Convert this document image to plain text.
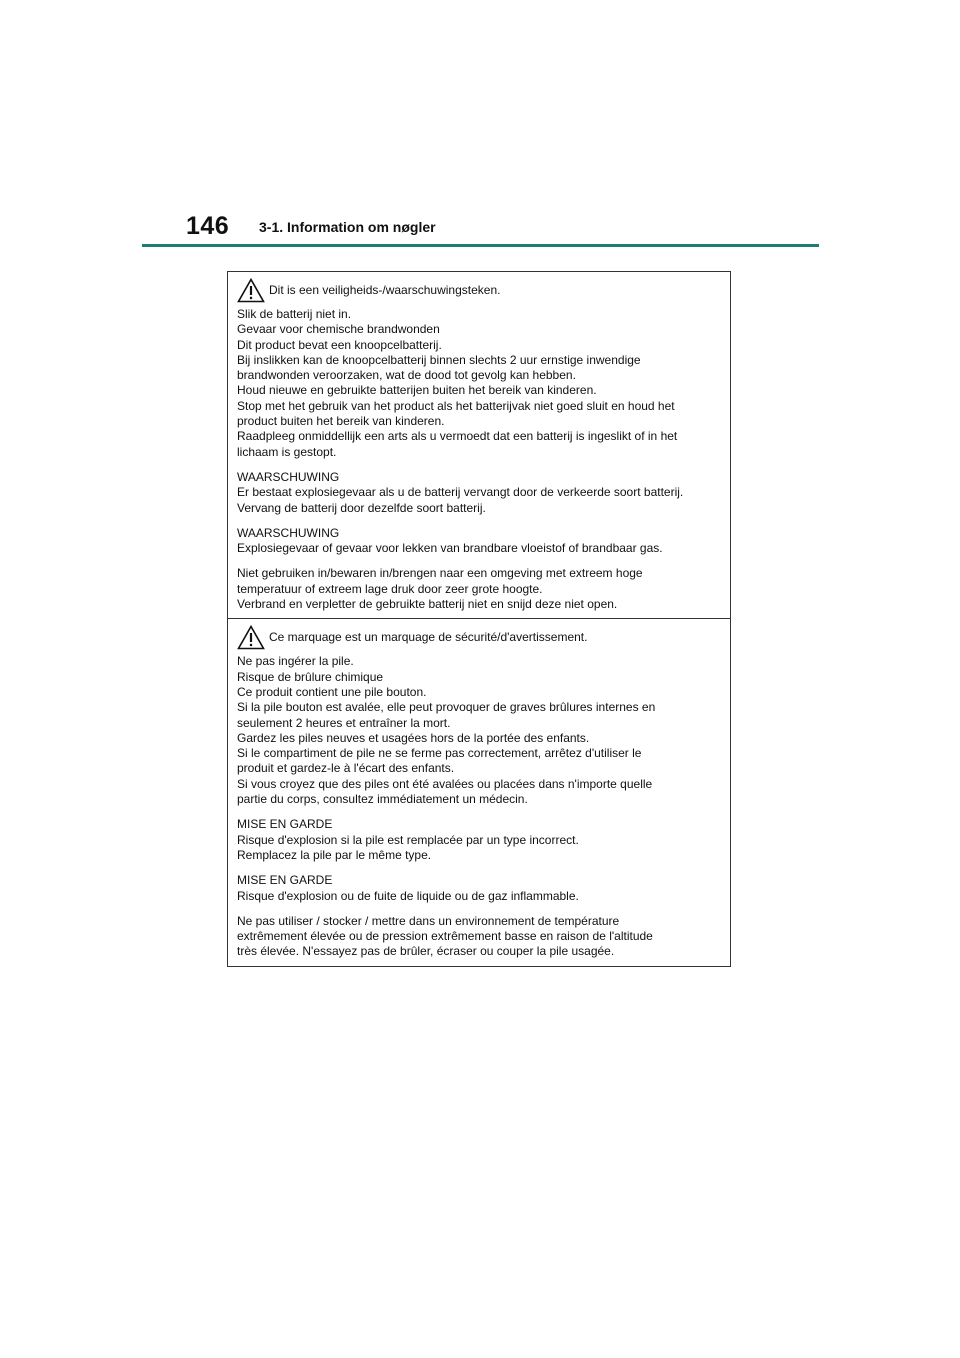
146 3-1. Information om nøgler
Dit is een veiligheids-/waarschuwingsteken.
Slik de batterij niet in.
Gevaar voor chemische brandwonden
Dit product bevat een knoopcelbatterij.
Bij inslikken kan de knoopcelbatterij binnen slechts 2 uur ernstige inwendige
brandwonden veroorzaken, wat de dood tot gevolg kan hebben.
Houd nieuwe en gebruikte batterijen buiten het bereik van kinderen.
Stop met het gebruik van het product als het batterijvak niet goed sluit en houd het
product buiten het bereik van kinderen.
Raadpleeg onmiddellijk een arts als u vermoedt dat een batterij is ingeslikt of in het
lichaam is gestopt.
WAARSCHUWING
Er bestaat explosiegevaar als u de batterij vervangt door de verkeerde soort batterij.
Vervang de batterij door dezelfde soort batterij.
WAARSCHUWING
Explosiegevaar of gevaar voor lekken van brandbare vloeistof of brandbaar gas.
Niet gebruiken in/bewaren in/brengen naar een omgeving met extreem hoge
temperatuur of extreem lage druk door zeer grote hoogte.
Verbrand en verpletter de gebruikte batterij niet en snijd deze niet open.
Ce marquage est un marquage de sécurité/d'avertissement.
Ne pas ingérer la pile.
Risque de brûlure chimique
Ce produit contient une pile bouton.
Si la pile bouton est avalée, elle peut provoquer de graves brûlures internes en
seulement 2 heures et entraîner la mort.
Gardez les piles neuves et usagées hors de la portée des enfants.
Si le compartiment de pile ne se ferme pas correctement, arrêtez d'utiliser le
produit et gardez-le à l'écart des enfants.
Si vous croyez que des piles ont été avalées ou placées dans n'importe quelle
partie du corps, consultez immédiatement un médecin.
MISE EN GARDE
Risque d'explosion si la pile est remplacée par un type incorrect.
Remplacez la pile par le même type.
MISE EN GARDE
Risque d'explosion ou de fuite de liquide ou de gaz inflammable.
Ne pas utiliser / stocker / mettre dans un environnement de température
extrêmement élevée ou de pression extrêmement basse en raison de l'altitude
très élevée. N'essayez pas de brûler, écraser ou couper la pile usagée.
